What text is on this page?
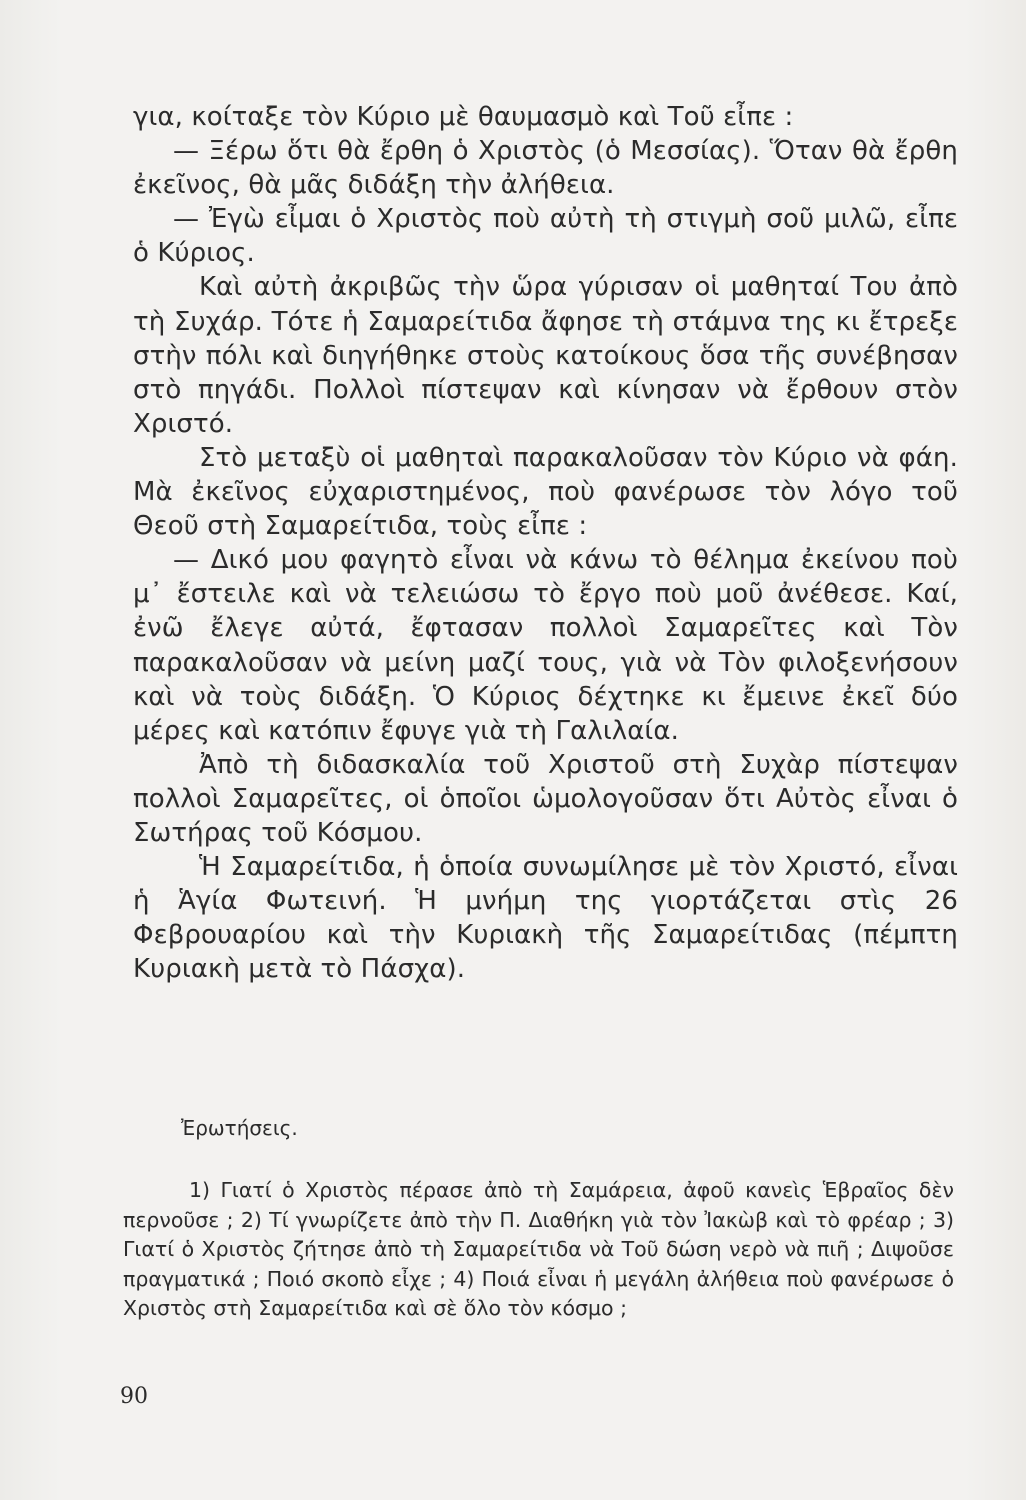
για, κοίταξε τὸν Κύριο μὲ θαυμασμὸ καὶ Τοῦ εἶπε :

— Ξέρω ὅτι θὰ ἔρθη ὁ Χριστὸς (ὁ Μεσσίας). Ὅταν θὰ ἔρθη ἐκεῖνος, θὰ μᾶς διδάξη τὴν ἀλήθεια.

— Ἐγὼ εἶμαι ὁ Χριστὸς ποὺ αὐτὴ τὴ στιγμὴ σοῦ μιλῶ, εἶπε ὁ Κύριος.

Καὶ αὐτὴ ἀκριβῶς τὴν ὥρα γύρισαν οἱ μαθηταί Του ἀπὸ τὴ Συχάρ. Τότε ἡ Σαμαρείτιδα ἄφησε τὴ στάμνα της κι ἔτρεξε στὴν πόλι καὶ διηγήθηκε στοὺς κατοίκους ὅσα τῆς συνέβησαν στὸ πηγάδι. Πολλοὶ πίστεψαν καὶ κίνησαν νὰ ἔρθουν στὸν Χριστό.

Στὸ μεταξὺ οἱ μαθηταὶ παρακαλοῦσαν τὸν Κύριο νὰ φάη. Μὰ ἐκεῖνος εὐχαριστημένος, ποὺ φανέρωσε τὸν λόγο τοῦ Θεοῦ στὴ Σαμαρείτιδα, τοὺς εἶπε :

— Δικό μου φαγητὸ εἶναι νὰ κάνω τὸ θέλημα ἐκείνου ποὺ μ᾽ ἔστειλε καὶ νὰ τελειώσω τὸ ἔργο ποὺ μοῦ ἀνέθεσε. Καί, ἐνῶ ἔλεγε αὐτά, ἔφτασαν πολλοὶ Σαμαρεῖτες καὶ Τὸν παρακαλοῦσαν νὰ μείνη μαζί τους, γιὰ νὰ Τὸν φιλοξενήσουν καὶ νὰ τοὺς διδάξη. Ὁ Κύριος δέχτηκε κι ἔμεινε ἐκεῖ δύο μέρες καὶ κατόπιν ἔφυγε γιὰ τὴ Γαλιλαία.

Ἀπὸ τὴ διδασκαλία τοῦ Χριστοῦ στὴ Συχὰρ πίστεψαν πολλοὶ Σαμαρεῖτες, οἱ ὁποῖοι ὡμολογοῦσαν ὅτι Αὐτὸς εἶναι ὁ Σωτήρας τοῦ Κόσμου.

Ἡ Σαμαρείτιδα, ἡ ὁποία συνωμίλησε μὲ τὸν Χριστό, εἶναι ἡ Ἁγία Φωτεινή. Ἡ μνήμη της γιορτάζεται στὶς 26 Φεβρουαρίου καὶ τὴν Κυριακὴ τῆς Σαμαρείτιδας (πέμπτη Κυριακὴ μετὰ τὸ Πάσχα).

Ἐρωτήσεις.

1) Γιατί ὁ Χριστὸς πέρασε ἀπὸ τὴ Σαμάρεια, ἀφοῦ κανεὶς Ἑβραῖος δὲν περνοῦσε ; 2) Τί γνωρίζετε ἀπὸ τὴν Π. Διαθήκη γιὰ τὸν Ἰακὼβ καὶ τὸ φρέαρ ; 3) Γιατί ὁ Χριστὸς ζήτησε ἀπὸ τὴ Σαμαρείτιδα νὰ Τοῦ δώση νερὸ νὰ πιῆ ; Διψοῦσε πραγματικά ; Ποιό σκοπὸ εἶχε ; 4) Ποιά εἶναι ἡ μεγάλη ἀλήθεια ποὺ φανέρωσε ὁ Χριστὸς στὴ Σαμαρείτιδα καὶ σὲ ὅλο τὸν κόσμο ;

90
